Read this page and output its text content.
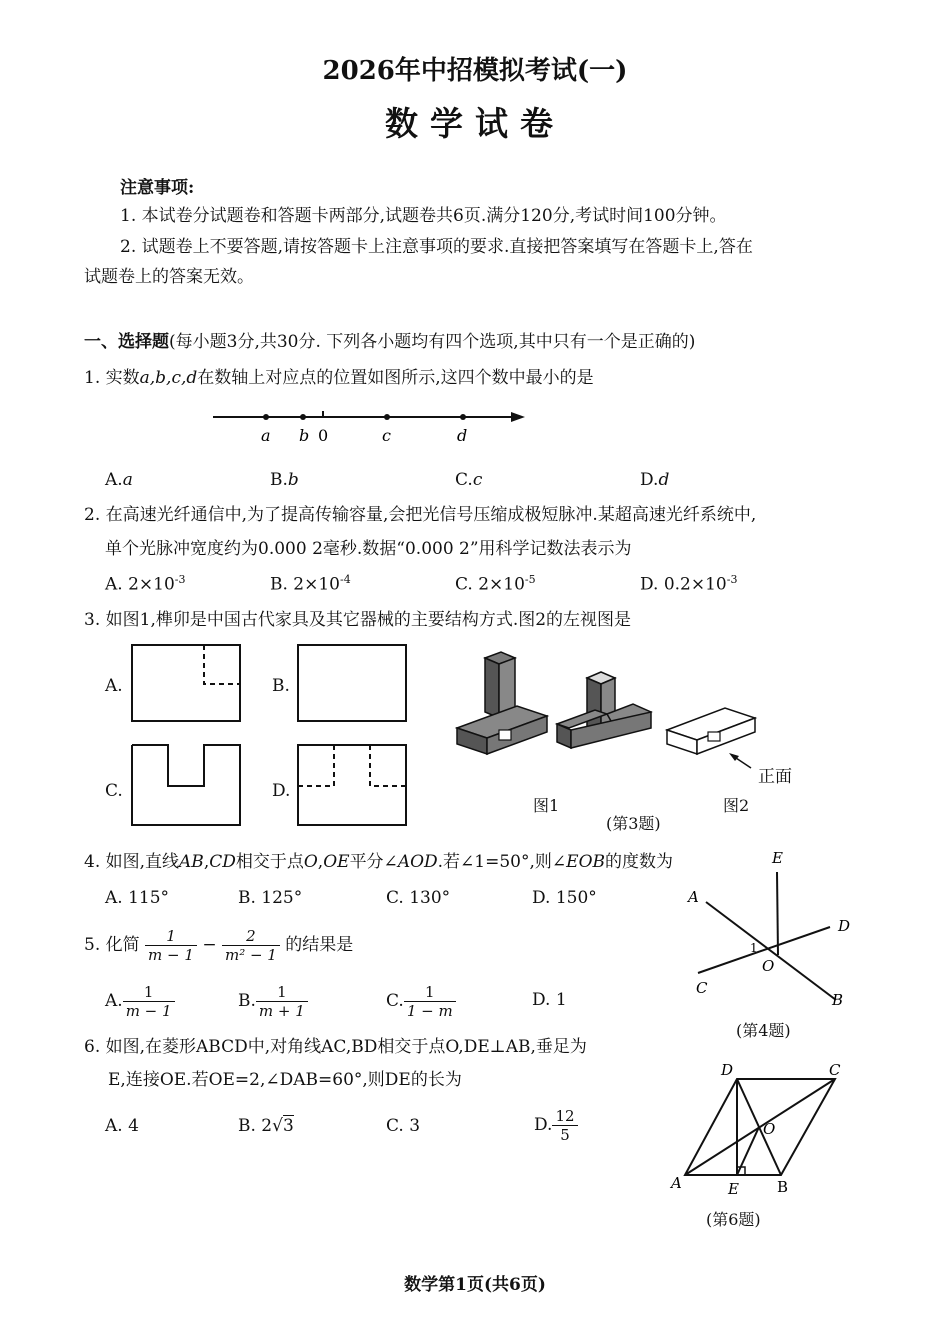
2026年中招模拟考试(一)
数学试卷
注意事项:
1. 本试卷分试题卷和答题卡两部分,试题卷共6页.满分120分,考试时间100分钟。
2. 试题卷上不要答题,请按答题卡上注意事项的要求.直接把答案填写在答题卡上,答在
试题卷上的答案无效。
一、选择题(每小题3分,共30分. 下列各小题均有四个选项,其中只有一个是正确的)
1. 实数a,b,c,d在数轴上对应点的位置如图所示,这四个数中最小的是
a b 0	c	d
A.a	B.b	C.c	D.d
2. 在高速光纤通信中,为了提高传输容量,会把光信号压缩成极短脉冲.某超高速光纤系统中,
单个光脉冲宽度约为0.000 2毫秒.数据“0.000 2”用科学记数法表示为
A. $2\times 10^{-3}$	B. $2\times 10^{-4}$	C. $2\times 10^{-5}$	D. $0.2\times 10^{-3}$
3. 如图1,榫卯是中国古代家具及其它器械的主要结构方式.图2的左视图是
A.	B.
C.	D.
正面
图1	图2
(第3题)
4. 如图,直线AB,CD相交于点O,OE平分∠AOD.若∠1=50°,则∠EOB的度数为
A. 115°	B. 125°	C. 130°	D. 150°
E
A
D
O
C
B
1
(第4题)
5. 化简 $\frac{1}{m - 1} - \frac{2}{\text{m² − 1}}$ 的结果是
A. $\frac{1}{m - 1}$	B. $\frac{1}{m + 1}$	C. $\frac{1}{1 - m}$	D. 1
6. 如图,在菱形ABCD中,对角线AC,BD相交于点O,DE⊥AB,垂足为
E,连接OE.若OE=2,∠DAB=60°,则DE的长为
A. 4	B. 2√3	C. 3	D. $\frac{12}{5}$
D	C
O
A	E	B
(第6题)
数学第1页(共6页)
